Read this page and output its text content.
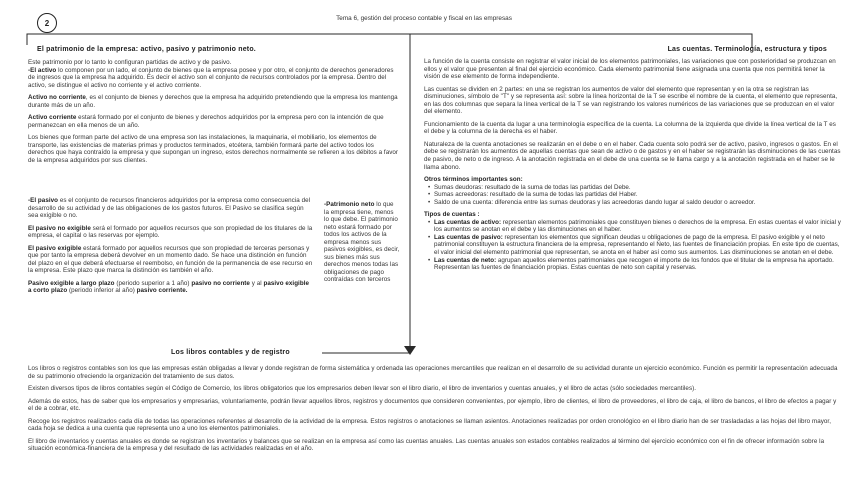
2	Tema 6, gestión del proceso contable y fiscal en las empresas
El patrimonio de la empresa: activo, pasivo y patrimonio neto.
Este patrimonio por lo tanto lo configuran partidas de activo y de pasivo.
-El activo lo componen por un lado, el conjunto de bienes que la empresa posee y por otro, el conjunto de derechos generadores de ingresos que la empresa ha adquirido. Es decir el activo son el conjunto de recursos controlados por la empresa. Dentro del activo, se distingue el activo no corriente y el activo corriente.
Activo no corriente, es el conjunto de bienes y derechos que la empresa ha adquirido pretendiendo que la empresa los mantenga durante más de un año.
Activo corriente estará formado por el conjunto de bienes y derechos adquiridos por la empresa pero con la intención de que permanezcan en ella menos de un año.
Los bienes que forman parte del activo de una empresa son las instalaciones, la maquinaria, el mobiliario, los elementos de transporte, las existencias de materias primas y productos terminados, etcétera, también formará parte del activo todos los derechos que haya contraído la empresa y que supongan un ingreso, estos derechos normalmente se refieren a los débitos a favor de la empresa adquiridos por sus clientes.
-El pasivo es el conjunto de recursos financieros adquiridos por la empresa como consecuencia del desarrollo de su actividad y de las obligaciones de los gastos futuros. El Pasivo se clasifica según sea exigible o no.
El pasivo no exigible será el formado por aquellos recursos que son propiedad de los titulares de la empresa, el capital o las reservas por ejemplo.
El pasivo exigible estará formado por aquellos recursos que son propiedad de terceras personas y que por tanto la empresa deberá devolver en un momento dado. Se hace una distinción en función del plazo en el que deberá efectuarse el reembolso, en función de la permanencia de ese recurso en la empresa. Este plazo que marca la distinción es también el año.
Pasivo exigible a largo plazo (periodo superior a 1 año) pasivo no corriente y al pasivo exigible a corto plazo (periodo inferior al año) pasivo corriente.
-Patrimonio neto lo que la empresa tiene, menos lo que debe. El patrimonio neto estará formado por todos los activos de la empresa menos sus pasivos exigibles, es decir, sus bienes más sus derechos menos todas las obligaciones de pago contraídas con terceros
Los libros contables y de registro
Las cuentas. Terminología, estructura y tipos
La función de la cuenta consiste en registrar el valor inicial de los elementos patrimoniales, las variaciones que con posterioridad se produzcan en ellos y el valor que presenten al final del ejercicio económico. Cada elemento patrimonial tiene asignada una cuenta que nos permitirá tener la visión de ese elemento de forma independiente.
Las cuentas se dividen en 2 partes: en una se registran los aumentos de valor del elemento que representan y en la otra se registran las disminuciones, símbolo de "T" y se representa así: sobre la línea horizontal de la T se escribe el nombre de la cuenta, el elemento que representa, en las dos columnas que separa la línea vertical de la T se van registrando los valores numéricos de las variaciones que se produzcan en el valor del elemento.
Funcionamiento de la cuenta da lugar a una terminología específica de la cuenta. La columna de la izquierda que divide la línea vertical de la T es el debe y la columna de la derecha es el haber.
Naturaleza de la cuenta anotaciones se realizarán en el debe o en el haber. Cada cuenta solo podrá ser de activo, pasivo, ingresos o gastos. En el debe se registrarán los aumentos de aquellas cuentas que sean de activo o de gastos y en el haber se registrarán las disminuciones de las cuentas de pasivo, de neto o de ingreso. A la anotación registrada en el debe de una cuenta se le llama cargo y a la anotación registrada en el haber se le llama abono.
Otros términos importantes son:
• Sumas deudoras: resultado de la suma de todas las partidas del Debe.
• Sumas acreedoras: resultado de la suma de todas las partidas del Haber.
• Saldo de una cuenta: diferencia entre las sumas deudoras y las acreedoras dando lugar al saldo deudor o acreedor.
Tipos de cuentas :
• Las cuentas de activo: representan elementos patrimoniales que constituyen bienes o derechos de la empresa. En estas cuentas el valor inicial y los aumentos se anotan en el debe y las disminuciones en el haber.
• Las cuentas de pasivo: representan los elementos que significan deudas u obligaciones de pago de la empresa. El pasivo exigible y el neto patrimonial constituyen la estructura financiera de la empresa, representando el Neto, las fuentes de financiación propias. En este tipo de cuentas, el valor inicial del elemento patrimonial que representan, se anota en el haber así como sus aumentos. Las disminuciones se anotan en el debe.
• Las cuentas de neto: agrupan aquellos elementos patrimoniales que recogen el importe de los fondos que el titular de la empresa ha aportado. Representan las fuentes de financiación propias. Estas cuentas de neto son capital y reservas.
Los libros o registros contables son los que las empresas están obligadas a llevar y donde registran de forma sistemática y ordenada las operaciones mercantiles que realizan en el desarrollo de su actividad durante un ejercicio económico. Función es permitir la representación adecuada de su patrimonio ofreciendo la organización del tratamiento de sus datos.
Existen diversos tipos de libros contables según el Código de Comercio, los libros obligatorios que los empresarios deben llevar son el libro diario, el libro de inventarios y cuentas anuales, y el libro de actas (sólo sociedades mercantiles).
Además de estos, has de saber que los empresarios y empresarias, voluntariamente, podrán llevar aquellos libros, registros y documentos que consideren convenientes, por ejemplo, libro de clientes, el libro de proveedores, el libro de caja, el libro de bancos, el libro de efectos a pagar y el de a cobrar, etc.
Recoge los registros realizados cada día de todas las operaciones referentes al desarrollo de la actividad de la empresa. Estos registros o anotaciones se llaman asientos. Anotaciones realizadas por orden cronológico en el libro diario han de ser trasladadas a las hojas del libro mayor, cada hoja se dedica a una cuenta que representa uno a uno los elementos patrimoniales.
El libro de inventarios y cuentas anuales es donde se registran los inventarios y balances que se realizan en la empresa así como las cuentas anuales. Las cuentas anuales son estados contables realizados al término del ejercicio económico con el fin de ofrecer información sobre la situación económica-financiera de la empresa y del resultado de las actividades realizadas en el año.
